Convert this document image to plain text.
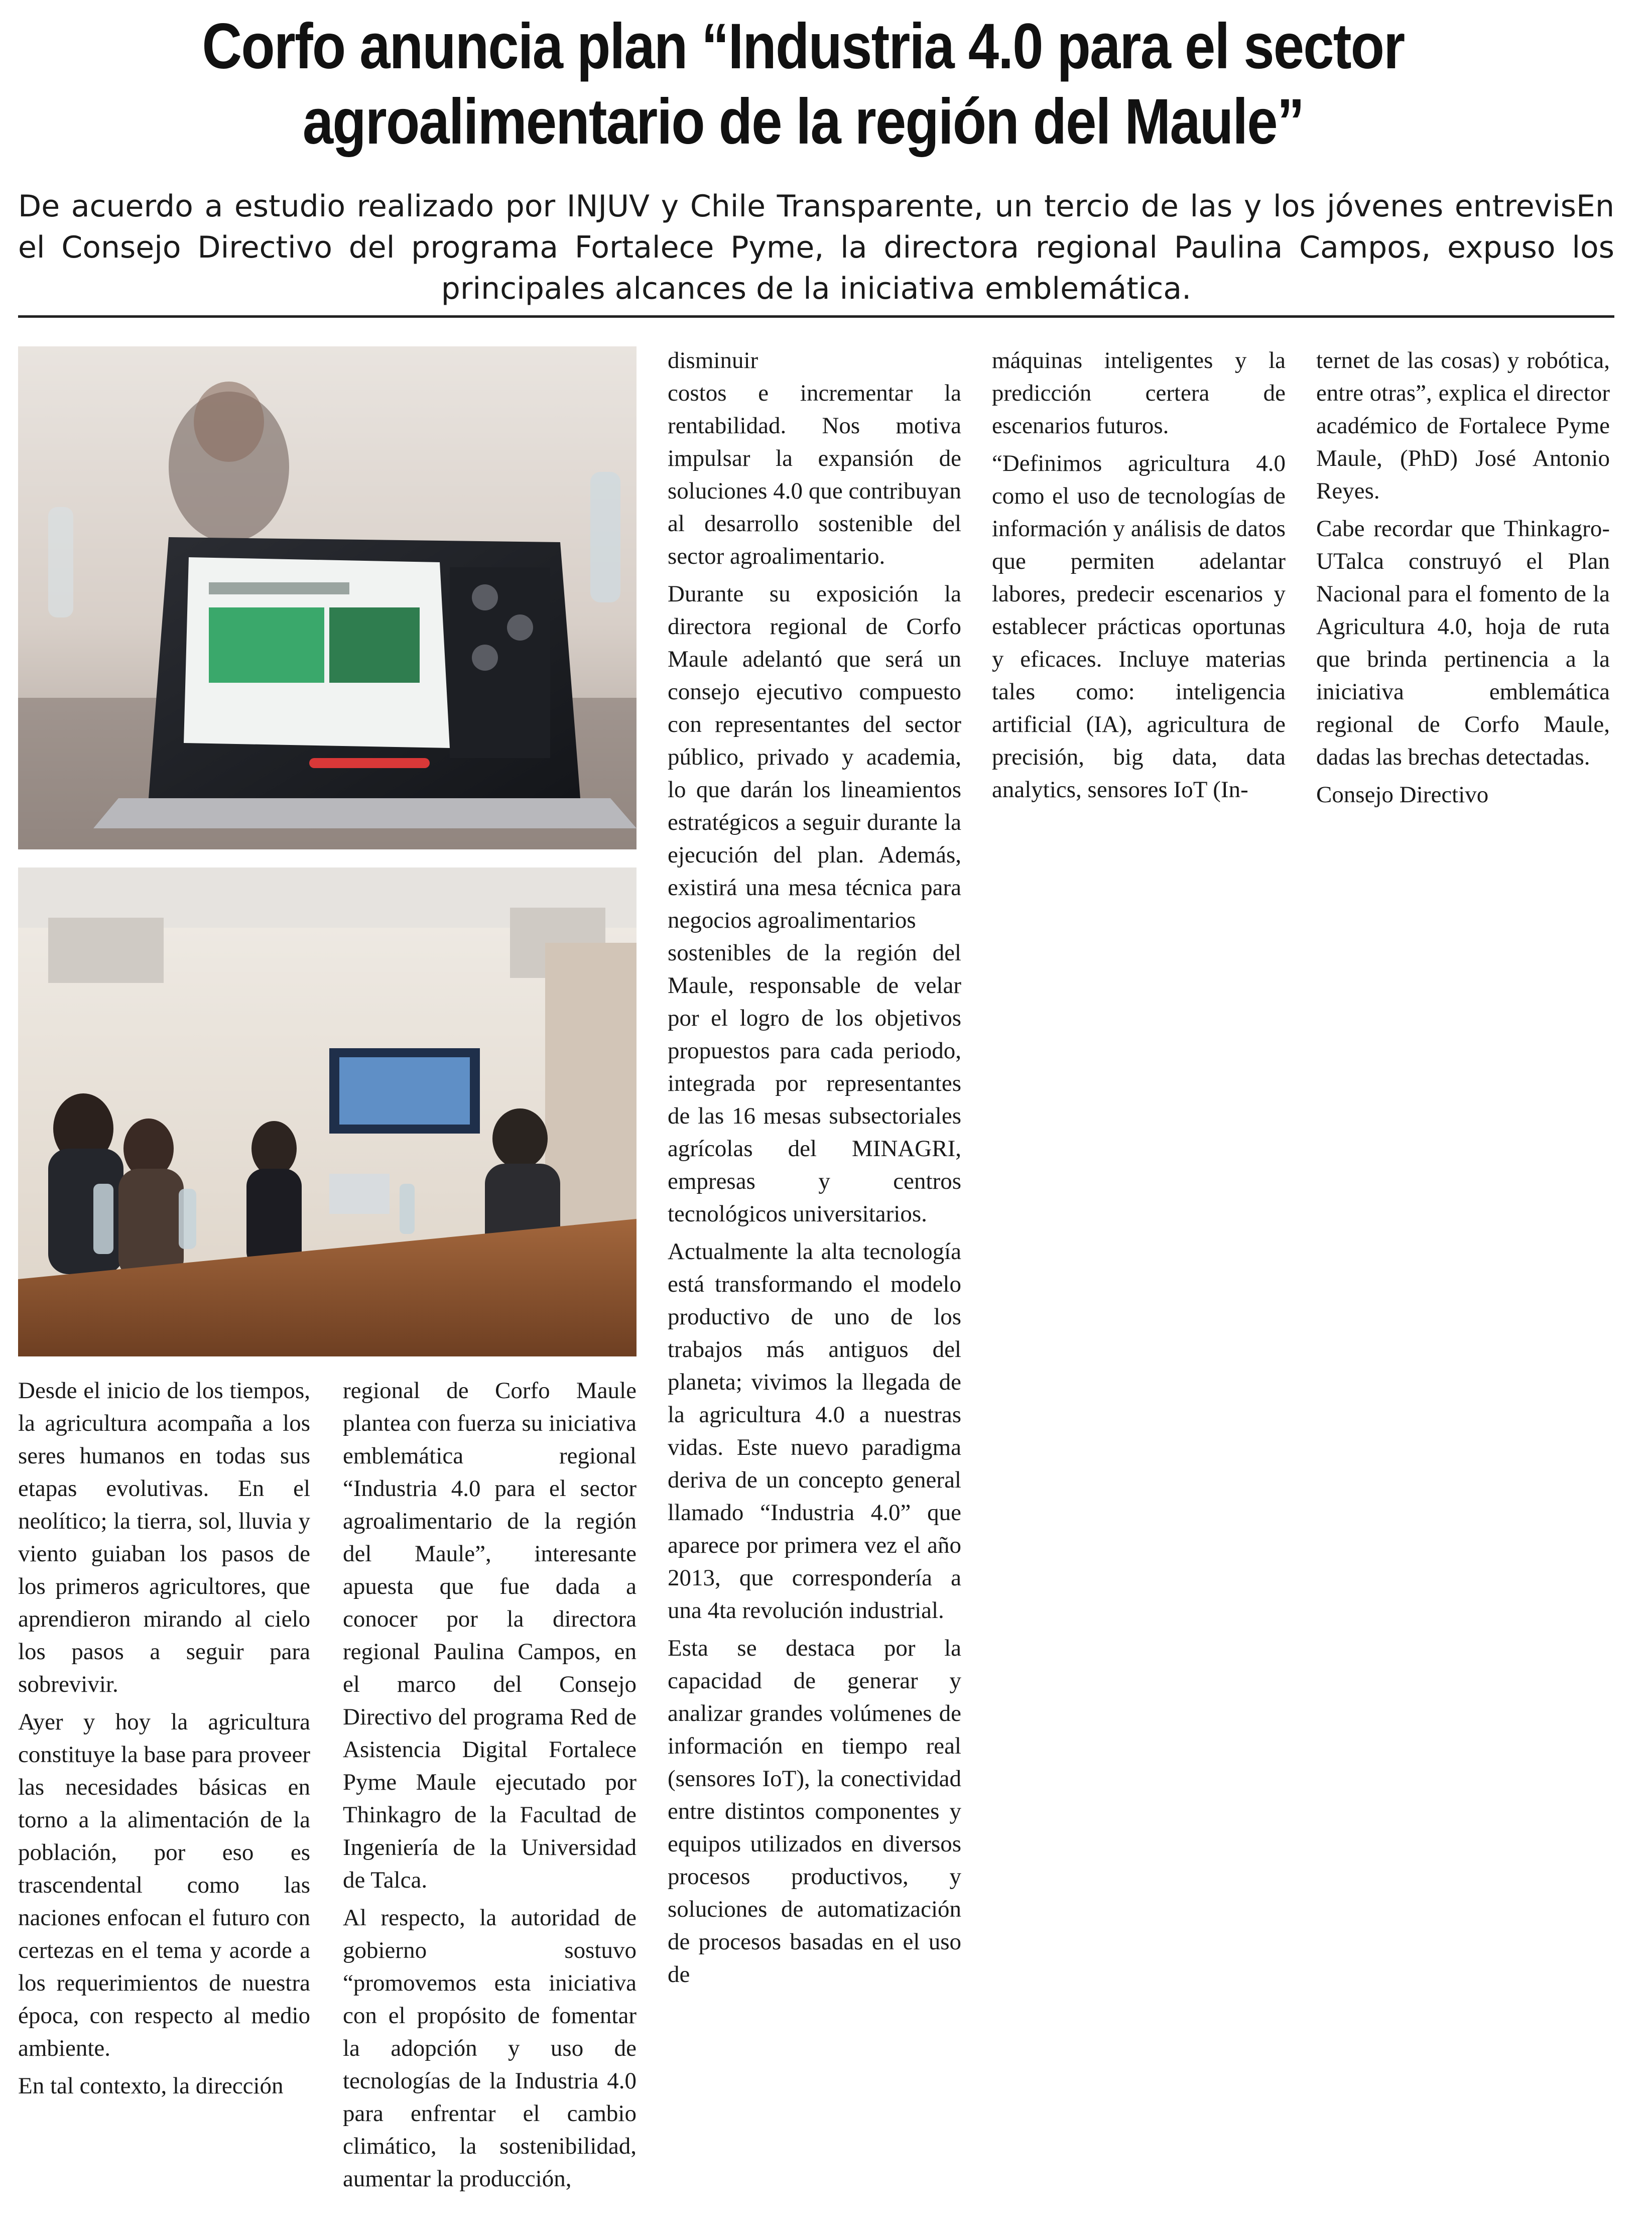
Corfo anuncia plan “Industria 4.0 para el sector
agroalimentario de la región del Maule”
De acuerdo a estudio realizado por INJUV y Chile Transparente, un tercio de las y los jóvenes entrevisEn el Consejo Directivo del programa Fortalece Pyme, la directora regional Paulina Campos, expuso los principales alcances de la iniciativa emblemática.

Desde el inicio de los tiempos, la agricultura acompaña a los seres humanos en todas sus etapas evolutivas. En el neolítico; la tierra, sol, lluvia y viento guiaban los pasos de los primeros agricultores, que aprendieron mirando al cielo los pasos a seguir para sobrevivir.

Ayer y hoy la agricultura constituye la base para proveer las necesidades básicas en torno a la alimentación de la población, por eso es trascendental como las naciones enfocan el futuro con certezas en el tema y acorde a los requerimientos de nuestra época, con respecto al medio ambiente.

En tal contexto, la dirección

regional de Corfo Maule plantea con fuerza su iniciativa emblemática regional “Industria 4.0 para el sector agroalimentario de la región del Maule”, interesante apuesta que fue dada a conocer por la directora regional Paulina Campos, en el marco del Consejo Directivo del programa Red de Asistencia Digital Fortalece Pyme Maule ejecutado por Thinkagro de la Facultad de Ingeniería de la Universidad de Talca.

Al respecto, la autoridad de gobierno sostuvo “promovemos esta iniciativa con el propósito de fomentar la adopción y uso de tecnologías de la Industria 4.0 para enfrentar el cambio climático, la sostenibilidad, aumentar la producción,

disminuir

costos e incrementar la rentabilidad. Nos motiva impulsar la expansión de soluciones 4.0 que contribuyan al desarrollo sostenible del sector agroalimentario.

Durante su exposición la directora regional de Corfo Maule adelantó que será un consejo ejecutivo compuesto con representantes del sector público, privado y academia, lo que darán los lineamientos estratégicos a seguir durante la ejecución del plan. Además, existirá una mesa técnica para negocios agroalimentarios

sostenibles de la región del Maule, responsable de velar por el logro de los objetivos propuestos para cada periodo, integrada por representantes de las 16 mesas subsectoriales agrícolas del MINAGRI, empresas y centros tecnológicos universitarios.

Actualmente la alta tecnología está transformando el modelo productivo de uno de los trabajos más antiguos del planeta; vivimos la llegada de la agricultura 4.0 a nuestras vidas. Este nuevo paradigma deriva de un concepto general llamado “Industria 4.0” que aparece por primera vez el año 2013, que correspondería a una 4ta revolución industrial.

Esta se destaca por la capacidad de generar y analizar grandes volúmenes de información en tiempo real (sensores IoT), la conectividad entre distintos componentes y equipos utilizados en diversos procesos productivos, y soluciones de automatización de procesos basadas en el uso de

máquinas inteligentes y la predicción certera de escenarios futuros.

“Definimos agricultura 4.0 como el uso de tecnologías de información y análisis de datos que permiten adelantar labores, predecir escenarios y establecer prácticas oportunas y eficaces. Incluye materias tales como: inteligencia artificial (IA), agricultura de precisión, big data, data analytics, sensores IoT (In-

ternet de las cosas) y robótica, entre otras”, explica el director académico de Fortalece Pyme Maule, (PhD) José Antonio Reyes.

Cabe recordar que Thinkagro- UTalca construyó el Plan Nacional para el fomento de la Agricultura 4.0, hoja de ruta que brinda pertinencia a la iniciativa emblemática regional de Corfo Maule, dadas las brechas detectadas.

Consejo Directivo
